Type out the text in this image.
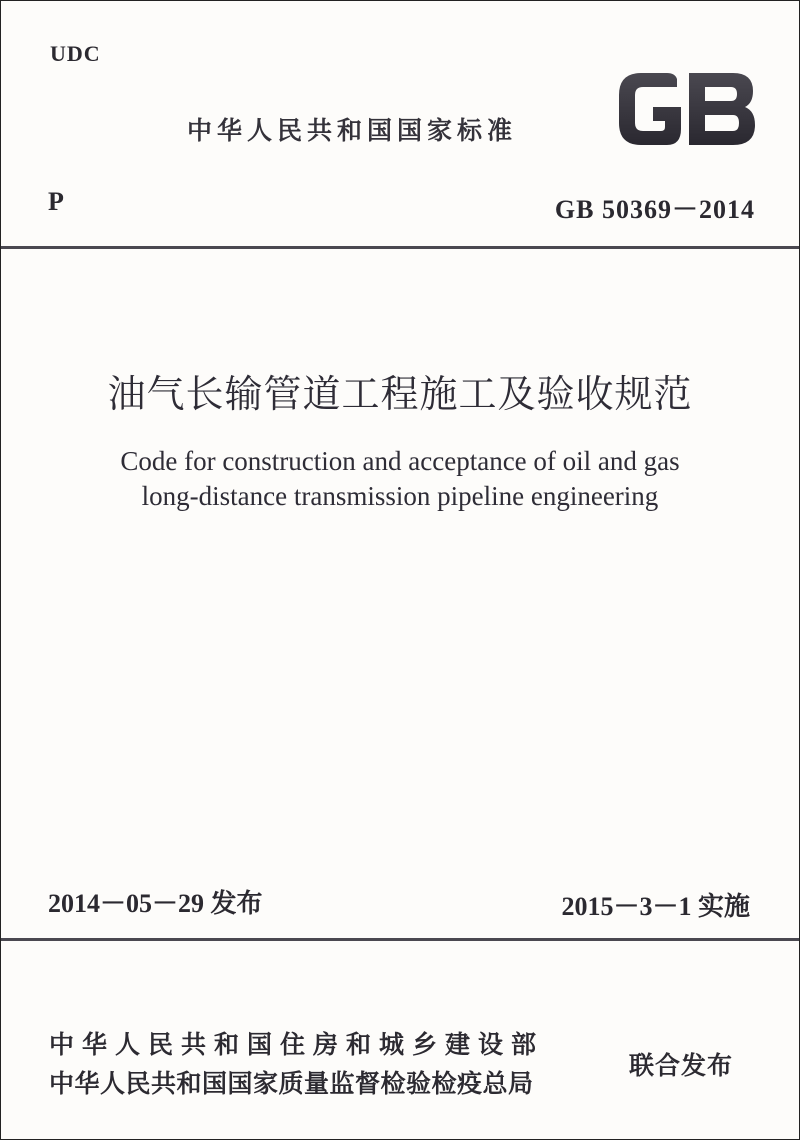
UDC
中华人民共和国国家标准
P	GB 50369－2014
油气长输管道工程施工及验收规范
Code for construction and acceptance of oil and gas
long-distance transmission pipeline engineering
2014－05－29 发布	2015－3－1 实施
中华人民共和国住房和城乡建设部
中华人民共和国国家质量监督检验检疫总局
联合发布
